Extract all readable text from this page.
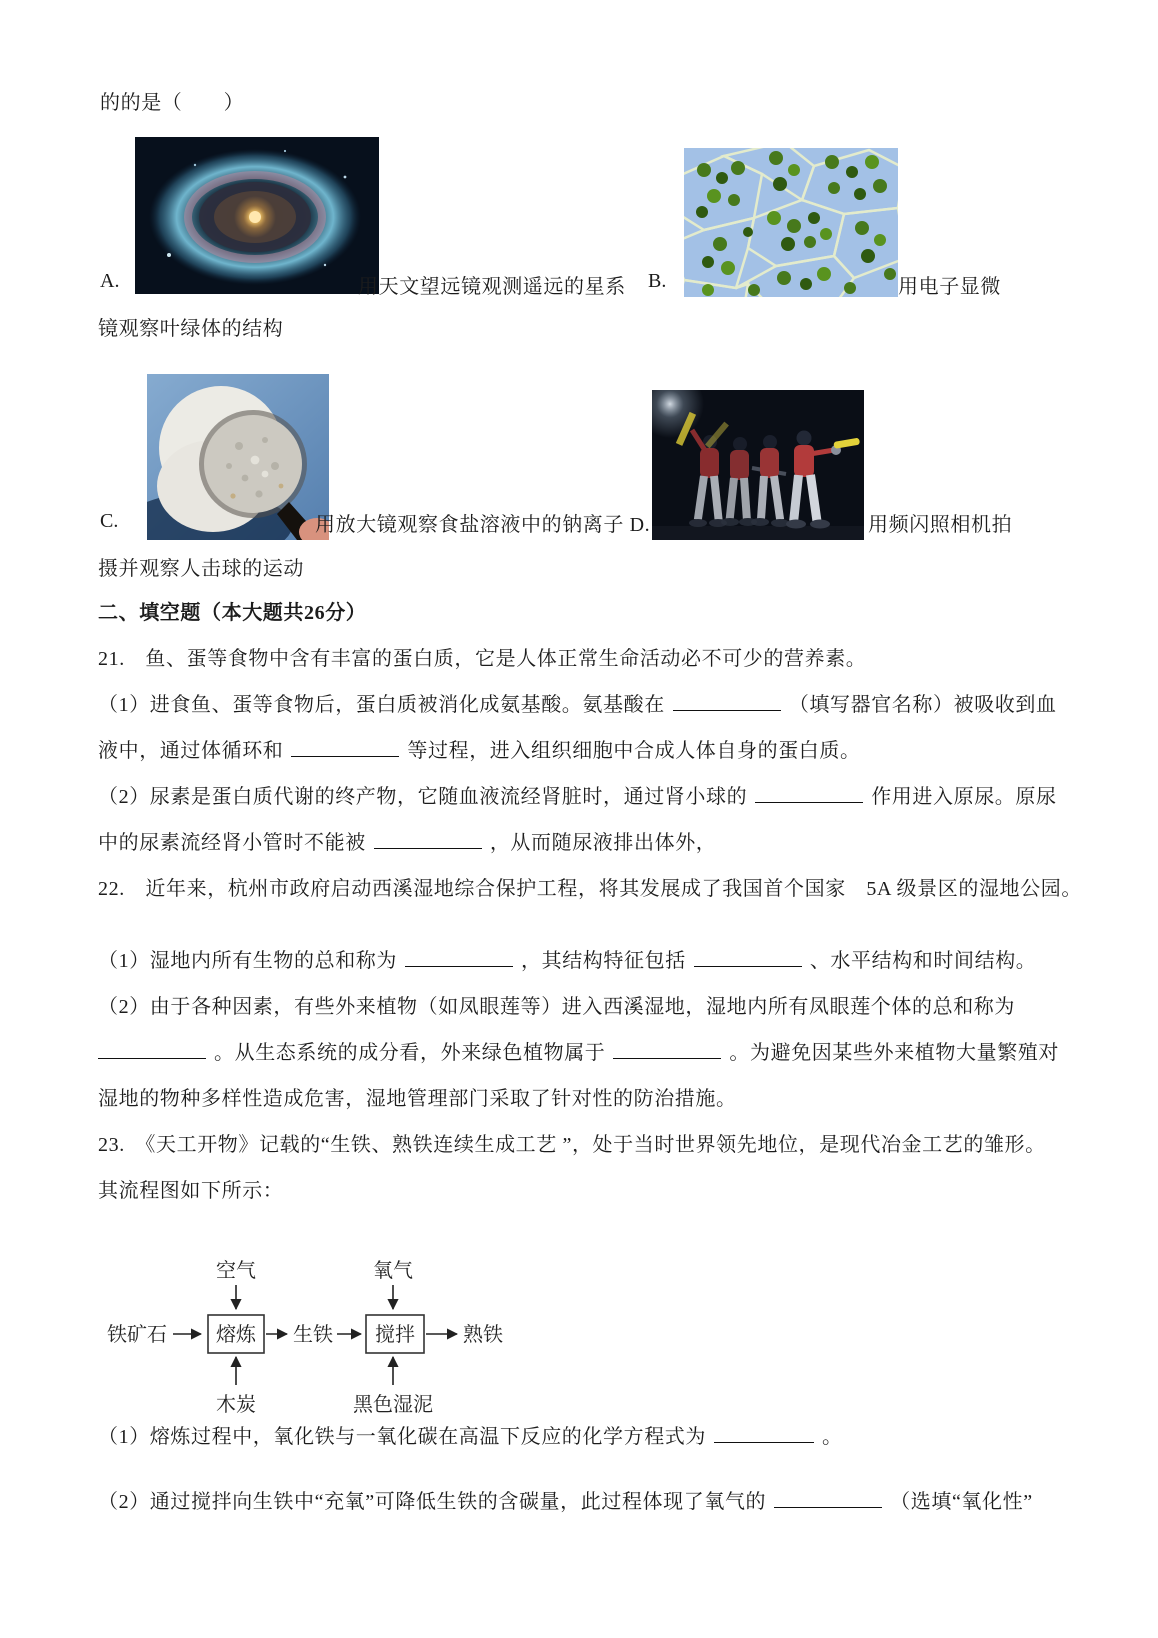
的的是（　　）
A.	用天文望远镜观测遥远的星系 B.	用电子显微
镜观察叶绿体的结构
C.	用放大镜观察食盐溶液中的钠离子 D.	用频闪照相机拍
摄并观察人击球的运动
二、填空题（本大题共26分）
21.　鱼、蛋等食物中含有丰富的蛋白质，它是人体正常生命活动必不可少的营养素。
（1）进食鱼、蛋等食物后，蛋白质被消化成氨基酸。氨基酸在	（填写器官名称）被吸收到血
液中，通过体循环和	等过程，进入组织细胞中合成人体自身的蛋白质。
（2）尿素是蛋白质代谢的终产物，它随血液流经肾脏时，通过肾小球的	作用进入原尿。原尿
中的尿素流经肾小管时不能被	，从而随尿液排出体外，
22.　近年来，杭州市政府启动西溪湿地综合保护工程，将其发展成了我国首个国家　5A 级景区的湿地公园。
（1）湿地内所有生物的总和称为	，其结构特征包括	、水平结构和时间结构。
（2）由于各种因素，有些外来植物（如凤眼莲等）进入西溪湿地，湿地内所有凤眼莲个体的总和称为
。从生态系统的成分看，外来绿色植物属于	。为避免因某些外来植物大量繁殖对
湿地的物种多样性造成危害，湿地管理部门采取了针对性的防治措施。
23.　《天工开物》记载的“生铁、熟铁连续生成工艺 ”，处于当时世界领先地位，是现代冶金工艺的雏形。
其流程图如下所示：
空气	氧气
铁矿石 熔炼 生铁 搅拌 熟铁
木炭	黑色湿泥
（1）熔炼过程中，氧化铁与一氧化碳在高温下反应的化学方程式为	。
（2）通过搅拌向生铁中“充氧”可降低生铁的含碳量，此过程体现了氧气的	（选填“氧化性”
